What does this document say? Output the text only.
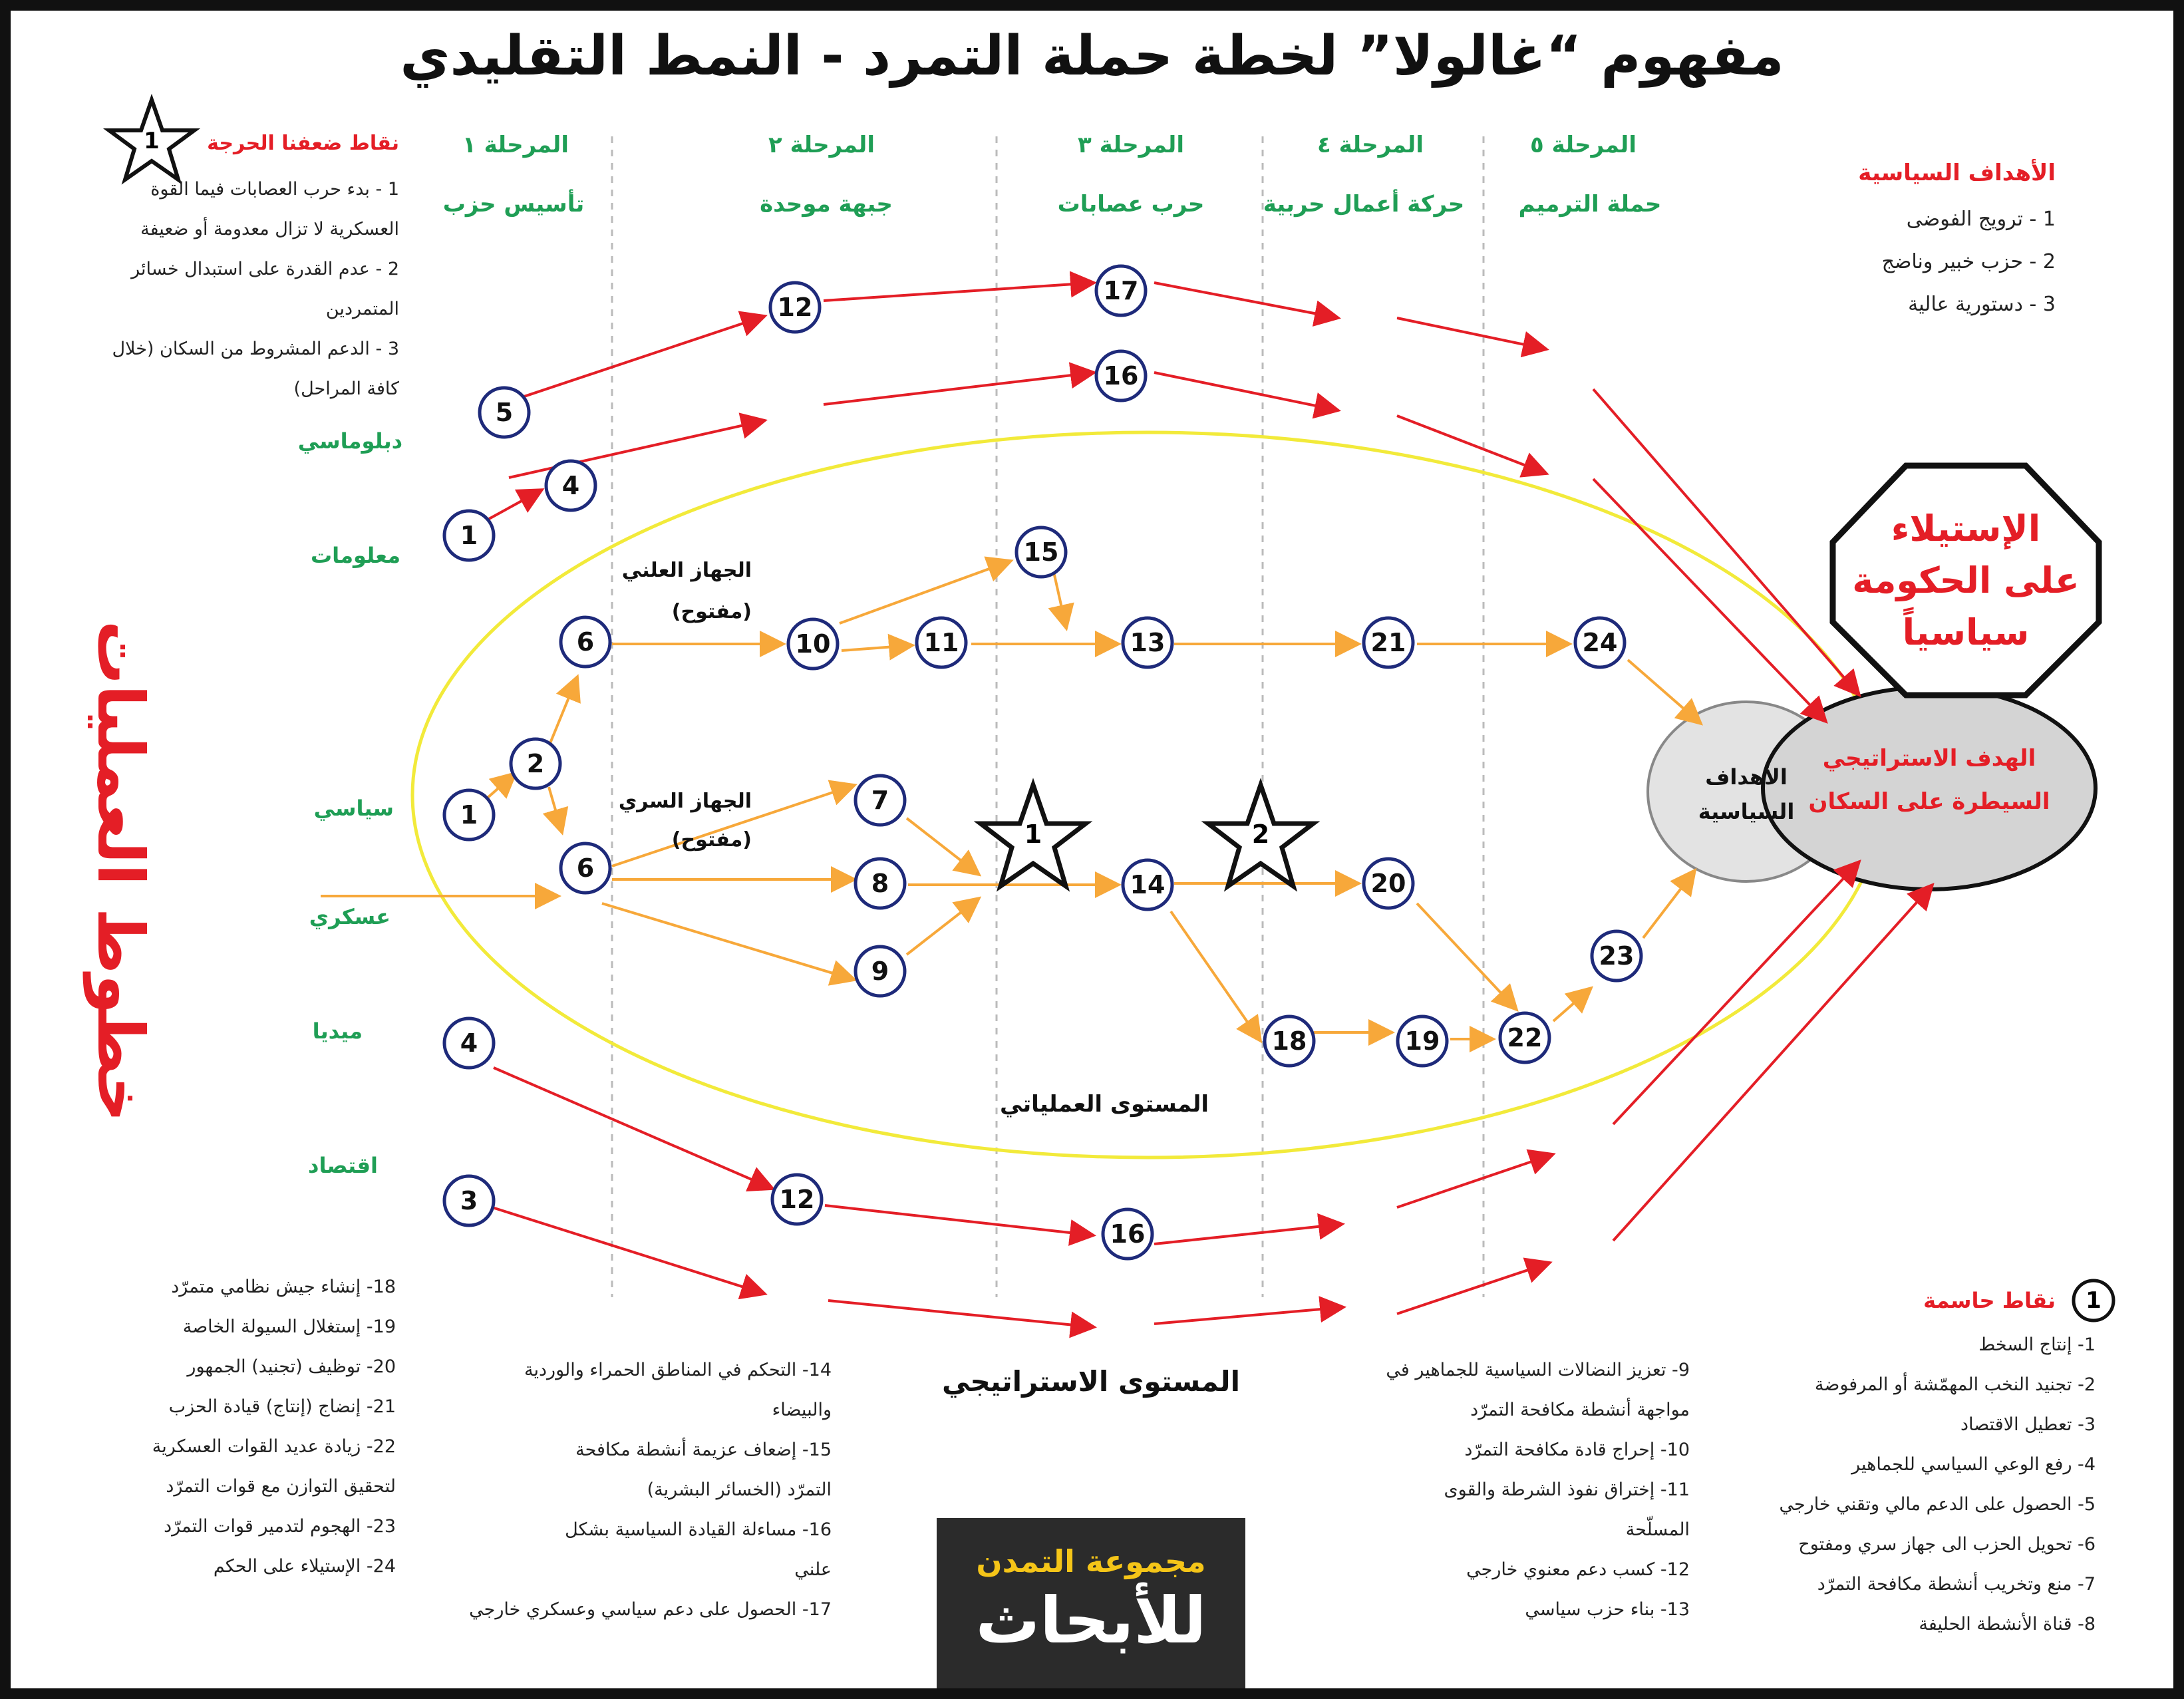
مفهوم “غالولا” لخطة حملة التمرد - النمط التقليدي
5
12
17
16
4
1
15
6	10	11	13	21	24
1
2
6
7
8
9
14	20
23
22
18	19
4
12
16
3
1	2
المرحلة ١	المرحلة ٢	المرحلة ٣	المرحلة ٤	المرحلة ٥
تأسيس حزب	جبهة موحدة	حرب عصابات	حركة أعمال حربية	حملة الترميم
دبلوماسي
معلومات
سياسي
عسكري
ميديا
اقتصاد
خطوط العمليات
1	نقاط ضعفنا الحرجة
1 - بدء حرب العصابات فيما القوة
العسكرية لا تزال معدومة أو ضعيفة
2 - عدم القدرة على استبدال خسائر
المتمردين
3 - الدعم المشروط من السكان (خلال
كافة المراحل)
الأهداف السياسية
1 - ترويج الفوضى
2 - حزب خبير وناضج
3 - دستورية عالية
الجهاز العلني
(مفتوح)
الجهاز السري
(مفتوح)
المستوى العملياتي
المستوى الاستراتيجي
الأهداف
السياسية
الهدف الاستراتيجي
السيطرة على السكان
الإستيلاء
على الحكومة
سياسياً
1
نقاط حاسمة
1- إنتاج السخط
2- تجنيد النخب المهمّشة أو المرفوضة
3- تعطيل الاقتصاد
4- رفع الوعي السياسي للجماهير
5- الحصول على الدعم مالي وتقني خارجي
6- تحويل الحزب الى جهاز سري ومفتوح
7- منع وتخريب أنشطة مكافحة التمرّد
8- قناة الأنشطة الحليفة
9- تعزيز النضالات السياسية للجماهير في
مواجهة أنشطة مكافحة التمرّد
10- إحراج قادة مكافحة التمرّد
11- إختراق نفوذ الشرطة والقوى
المسلّحة
12- كسب دعم معنوي خارجي
13- بناء حزب سياسي
14- التحكم في المناطق الحمراء والوردية
والبيضاء
15- إضعاف عزيمة أنشطة مكافحة
التمرّد (الخسائر البشرية)
16- مساءلة القيادة السياسية بشكل
علني
17- الحصول على دعم سياسي وعسكري خارجي
18- إنشاء جيش نظامي متمرّد
19- إستغلال السيولة الخاصة
20- توظيف (تجنيد) الجمهور
21- إنضاج (إنتاج) قيادة الحزب
22- زيادة عديد القوات العسكرية
لتحقيق التوازن مع قوات التمرّد
23- الهجوم لتدمير قوات التمرّد
24- الإستيلاء على الحكم	مجموعة التمدن
للأبحاث
